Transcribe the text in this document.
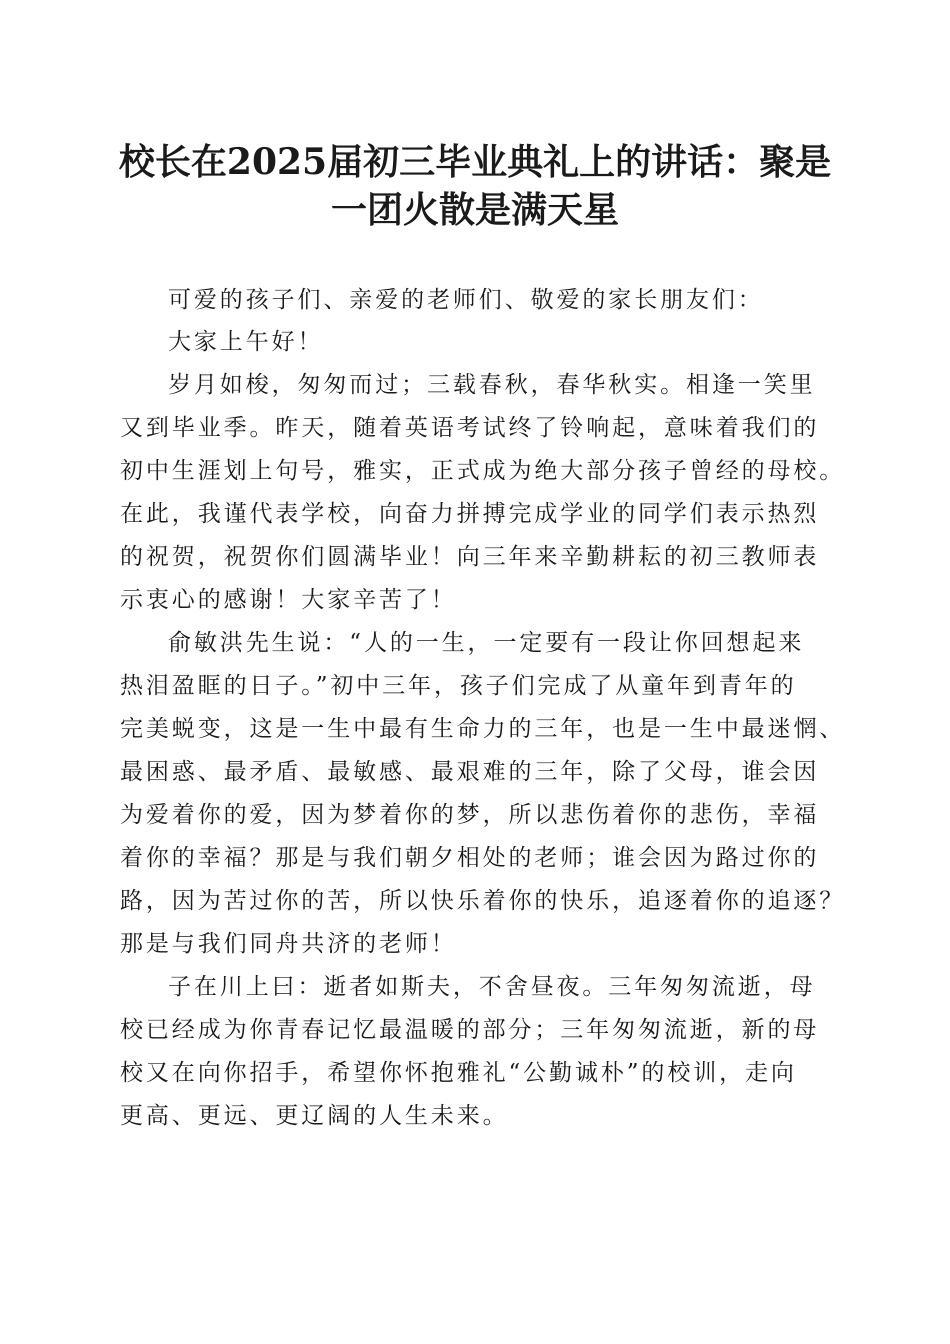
校长在2025届初三毕业典礼上的讲话：聚是
一团火散是满天星

可爱的孩子们、亲爱的老师们、敬爱的家长朋友们：

大家上午好！

岁月如梭，匆匆而过；三载春秋，春华秋实。相逢一笑里

又到毕业季。昨天，随着英语考试终了铃响起，意味着我们的

初中生涯划上句号，雅实，正式成为绝大部分孩子曾经的母校。

在此，我谨代表学校，向奋力拼搏完成学业的同学们表示热烈

的祝贺，祝贺你们圆满毕业！向三年来辛勤耕耘的初三教师表

示衷心的感谢！大家辛苦了！

俞敏洪先生说：“人的一生，一定要有一段让你回想起来

热泪盈眶的日子。”初中三年，孩子们完成了从童年到青年的

完美蜕变，这是一生中最有生命力的三年，也是一生中最迷惘、

最困惑、最矛盾、最敏感、最艰难的三年，除了父母，谁会因

为爱着你的爱，因为梦着你的梦，所以悲伤着你的悲伤，幸福

着你的幸福？那是与我们朝夕相处的老师；谁会因为路过你的

路，因为苦过你的苦，所以快乐着你的快乐，追逐着你的追逐？

那是与我们同舟共济的老师！

子在川上曰：逝者如斯夫，不舍昼夜。三年匆匆流逝，母

校已经成为你青春记忆最温暖的部分；三年匆匆流逝，新的母

校又在向你招手，希望你怀抱雅礼“公勤诚朴”的校训，走向

更高、更远、更辽阔的人生未来。
